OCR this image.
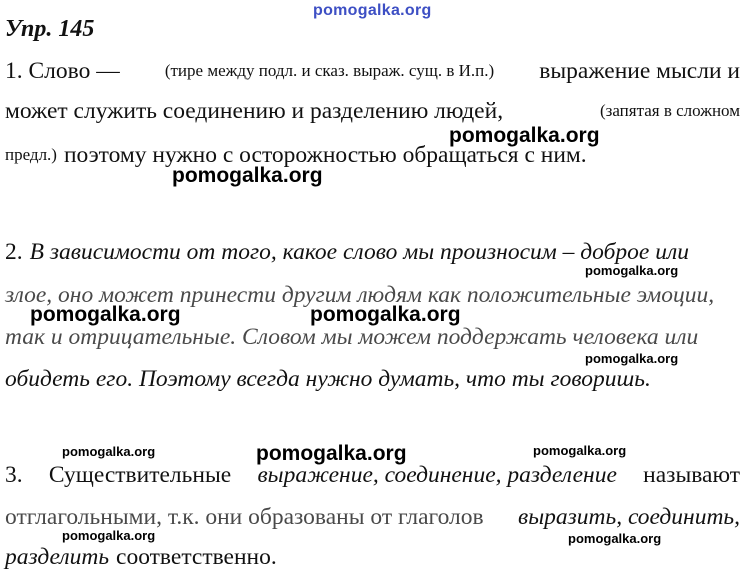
pomogalka.org
Упр. 145
1. Слово —	(тире между подл. и сказ. выраж. сущ. в И.п.) выражение мысли и
может служить соединению и разделению людей,	(запятая в сложном
предл.) поэтому нужно с осторожностью обращаться с ним.
2. В зависимости от того, какое слово мы произносим – доброе или
злое, оно может принести другим людям как положительные эмоции,
так и отрицательные. Словом мы можем поддержать человека или
обидеть его. Поэтому всегда нужно думать, что ты говоришь.
3. Существительные выражение, соединение, разделение называют
отглагольными, т.к. они образованы от глаголов выразить, соединить,
разделить соответственно.
pomogalka.org
pomogalka.org
pomogalka.org
pomogalka.org	pomogalka.org
pomogalka.org
pomogalka.org	pomogalka.org	pomogalka.org
pomogalka.org	pomogalka.org
